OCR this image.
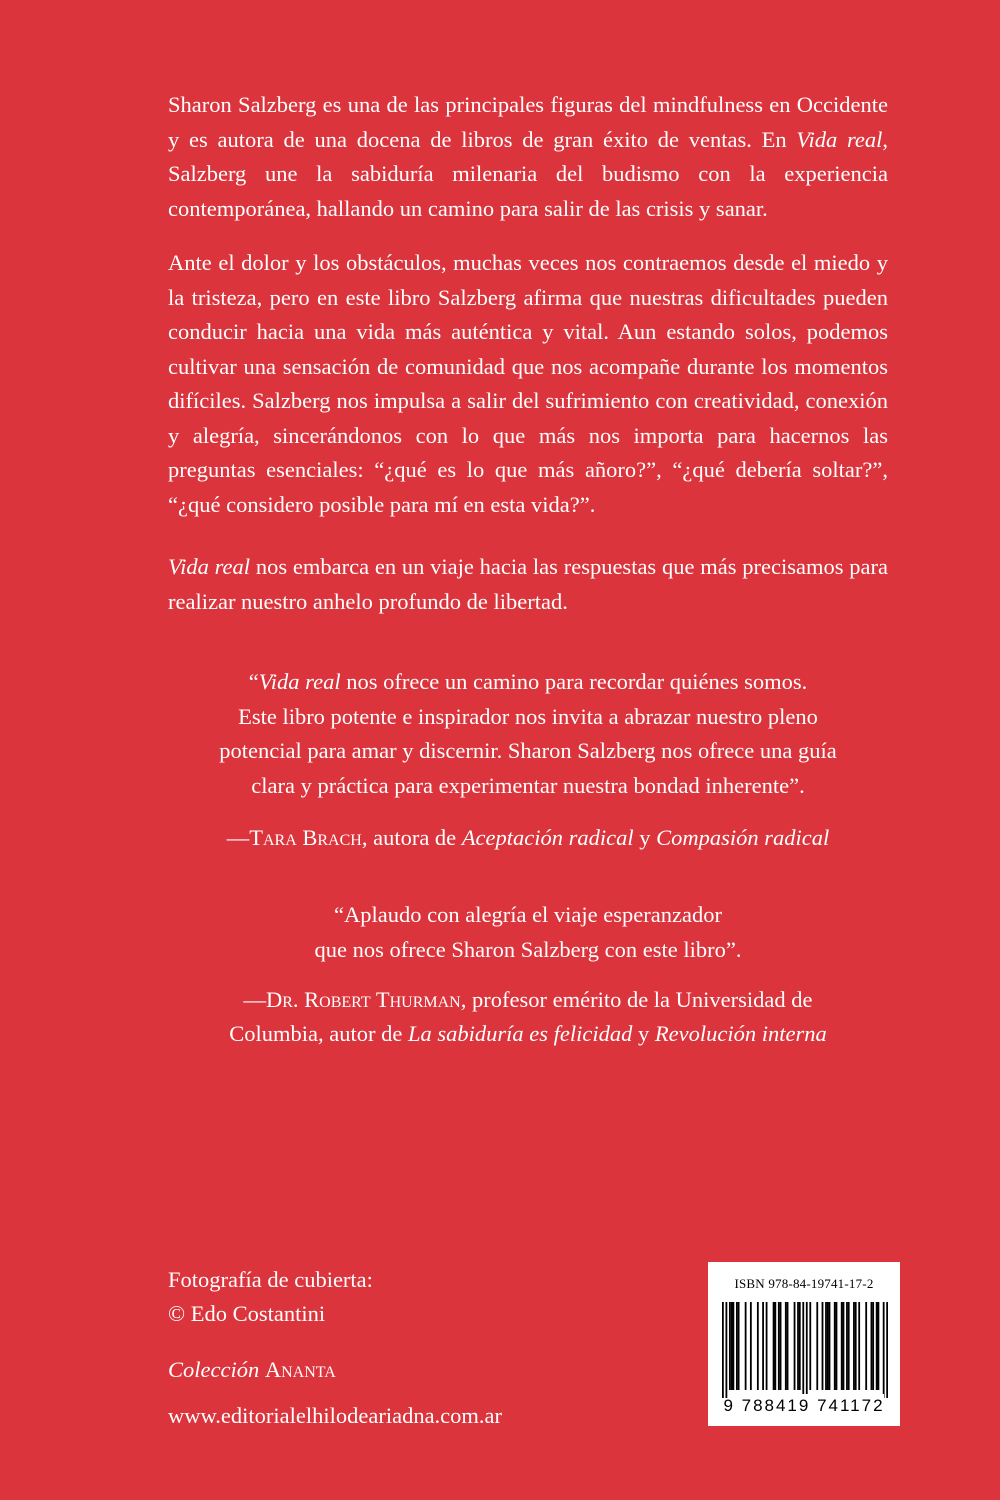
Sharon Salzberg es una de las principales figuras del mindfulness en Occidente y es autora de una docena de libros de gran éxito de ventas. En Vida real, Salzberg une la sabiduría milenaria del budismo con la experiencia contemporánea, hallando un camino para salir de las crisis y sanar.

Ante el dolor y los obstáculos, muchas veces nos contraemos desde el miedo y la tristeza, pero en este libro Salzberg afirma que nuestras dificultades pueden conducir hacia una vida más auténtica y vital. Aun estando solos, podemos cultivar una sensación de comunidad que nos acompañe durante los momentos difíciles. Salzberg nos impulsa a salir del sufrimiento con creatividad, conexión y alegría, sincerándonos con lo que más nos importa para hacernos las preguntas esenciales: “¿qué es lo que más añoro?”, “¿qué debería soltar?”, “¿qué considero posible para mí en esta vida?”.

Vida real nos embarca en un viaje hacia las respuestas que más precisamos para realizar nuestro anhelo profundo de libertad.

“Vida real nos ofrece un camino para recordar quiénes somos.
Este libro potente e inspirador nos invita a abrazar nuestro pleno
potencial para amar y discernir. Sharon Salzberg nos ofrece una guía
clara y práctica para experimentar nuestra bondad inherente”.
—Tara Brach, autora de Aceptación radical y Compasión radical
“Aplaudo con alegría el viaje esperanzador
que nos ofrece Sharon Salzberg con este libro”.
—Dr. Robert Thurman, profesor emérito de la Universidad de
Columbia, autor de La sabiduría es felicidad y Revolución interna
Fotografía de cubierta:
© Edo Costantini
Colección Ananta
www.editorialelhilodeariadna.com.ar
ISBN 978-84-19741-17-2
9 788419 741172
